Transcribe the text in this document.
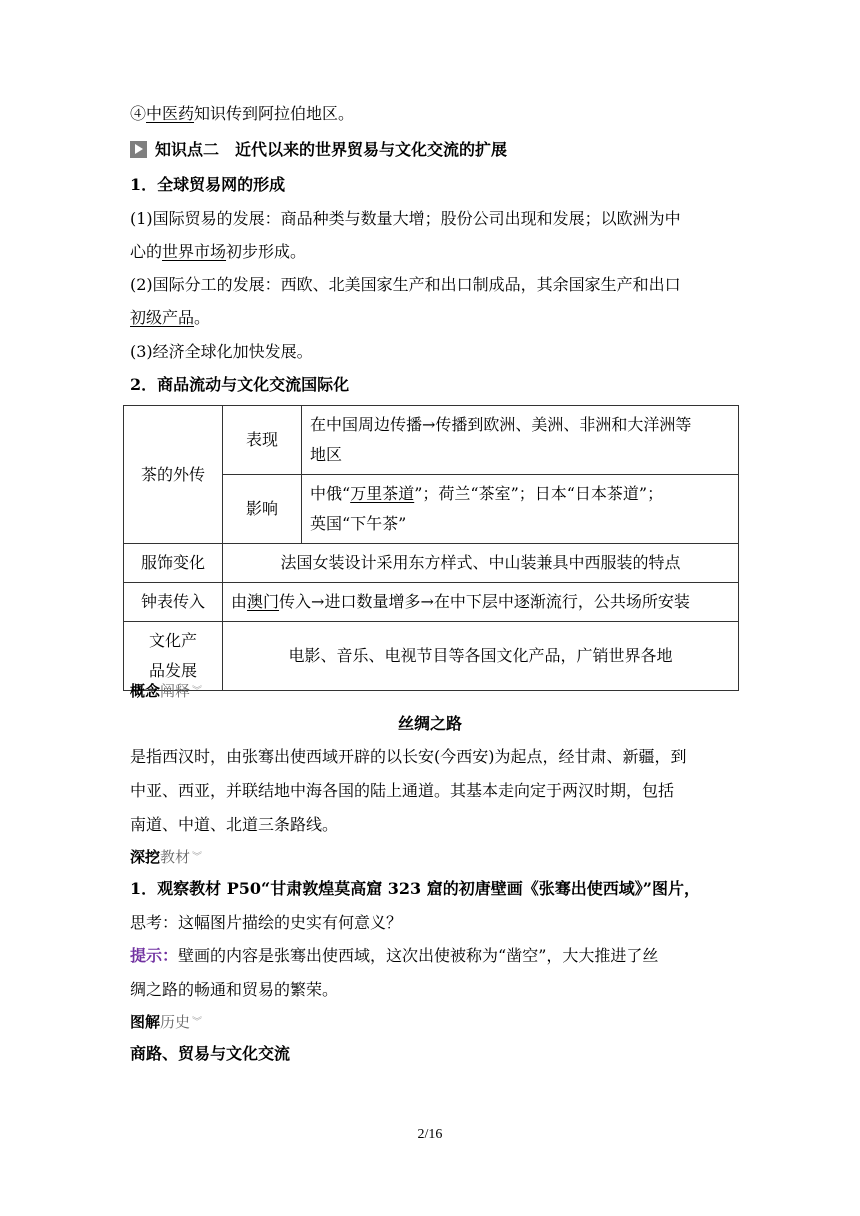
④中医药知识传到阿拉伯地区。
知识点二　近代以来的世界贸易与文化交流的扩展
1．全球贸易网的形成
(1)国际贸易的发展：商品种类与数量大增；股份公司出现和发展；以欧洲为中
心的世界市场初步形成。
(2)国际分工的发展：西欧、北美国家生产和出口制成品，其余国家生产和出口
初级产品。
(3)经济全球化加快发展。
2．商品流动与文化交流国际化
茶的外传	表现	在中国周边传播→传播到欧洲、美洲、非洲和大洋洲等
地区

	影响	中俄“万里茶道”；荷兰“茶室”；日本“日本茶道”；
英国“下午茶”

服饰变化	法国女装设计采用东方样式、中山装兼具中西服装的特点	
钟表传入	由澳门传入→进口数量增多→在中下层中逐渐流行，公共场所安装	

文化产
品发展	电影、音乐、电视节目等各国文化产品，广销世界各地	
概念阐释 ︾
丝绸之路
是指西汉时，由张骞出使西域开辟的以长安(今西安)为起点，经甘肃、新疆，到
中亚、西亚，并联结地中海各国的陆上通道。其基本走向定于两汉时期，包括
南道、中道、北道三条路线。
深挖教材 ︾
1．观察教材 P50“甘肃敦煌莫高窟 323 窟的初唐壁画《张骞出使西域》”图片，
思考：这幅图片描绘的史实有何意义？
提示：壁画的内容是张骞出使西域，这次出使被称为“凿空”，大大推进了丝
绸之路的畅通和贸易的繁荣。
图解历史 ︾
商路、贸易与文化交流
2/16
